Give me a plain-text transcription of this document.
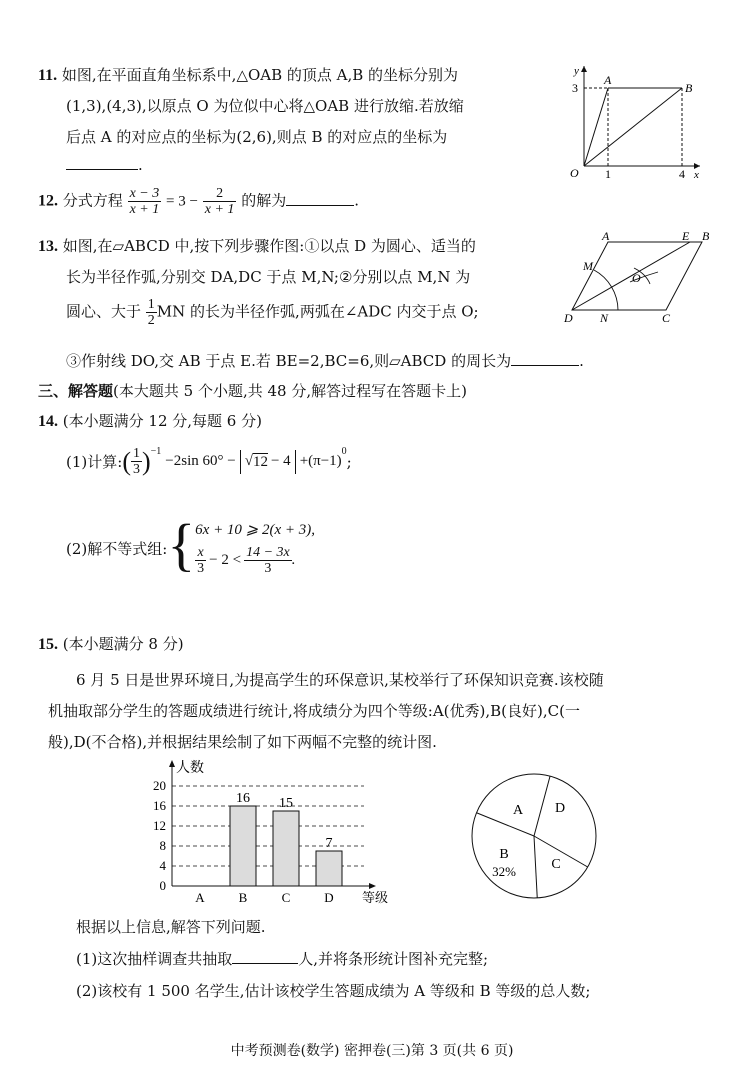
11. 如图,在平面直角坐标系中,△OAB 的顶点 A,B 的坐标分别为
(1,3),(4,3),以原点 O 为位似中心将△OAB 进行放缩.若放缩
后点 A 的对应点的坐标为(2,6),则点 B 的对应点的坐标为
.
y
x
A
B
O
3
1	4
12. 分式方程 $\frac{x - 3}{x + 1} = 3 - \frac{2}{x + 1}$ 的解为	.
13. 如图,在▱ABCD 中,按下列步骤作图:①以点 D 为圆心、适当的
长为半径作弧,分别交 DA,DC 于点 M,N;②分别以点 M,N 为
圆心、大于 $\frac{1}{2}$ MN 的长为半径作弧,两弧在∠ADC 内交于点 O;
③作射线 DO,交 AB 于点 E.若 BE=2,BC=6,则▱ABCD 的周长为	.
A	E B
M
O
D N	C
三、解答题(本大题共 5 个小题,共 48 分,解答过程写在答题卡上)
14. (本小题满分 12 分,每题 6 分)
(1)计算: ( $\frac{1}{3} )^{-1}$
−2sin 60° − √ 12 − 4 +(π−1)
$^0$
;
(2)解不等式组: { 6x + 10 ⩾ 2(x + 3),
$\frac{x}{3} - 2 < \frac{14 - 3x}{3}$ .
15. (本小题满分 8 分)
6 月 5 日是世界环境日,为提高学生的环保意识,某校举行了环保知识竞赛.该校随
机抽取部分学生的答题成绩进行统计,将成绩分为四个等级:A(优秀),B(良好),C(一
般),D(不合格),并根据结果绘制了如下两幅不完整的统计图.
0
4
8
12
16
20
人数
等级
A
16
B
15
C
7
D
A D
C
B
32%
根据以上信息,解答下列问题.
(1)这次抽样调查共抽取	人,并将条形统计图补充完整;
(2)该校有 1 500 名学生,估计该校学生答题成绩为 A 等级和 B 等级的总人数;
中考预测卷(数学) 密押卷(三)第 3 页(共 6 页)
